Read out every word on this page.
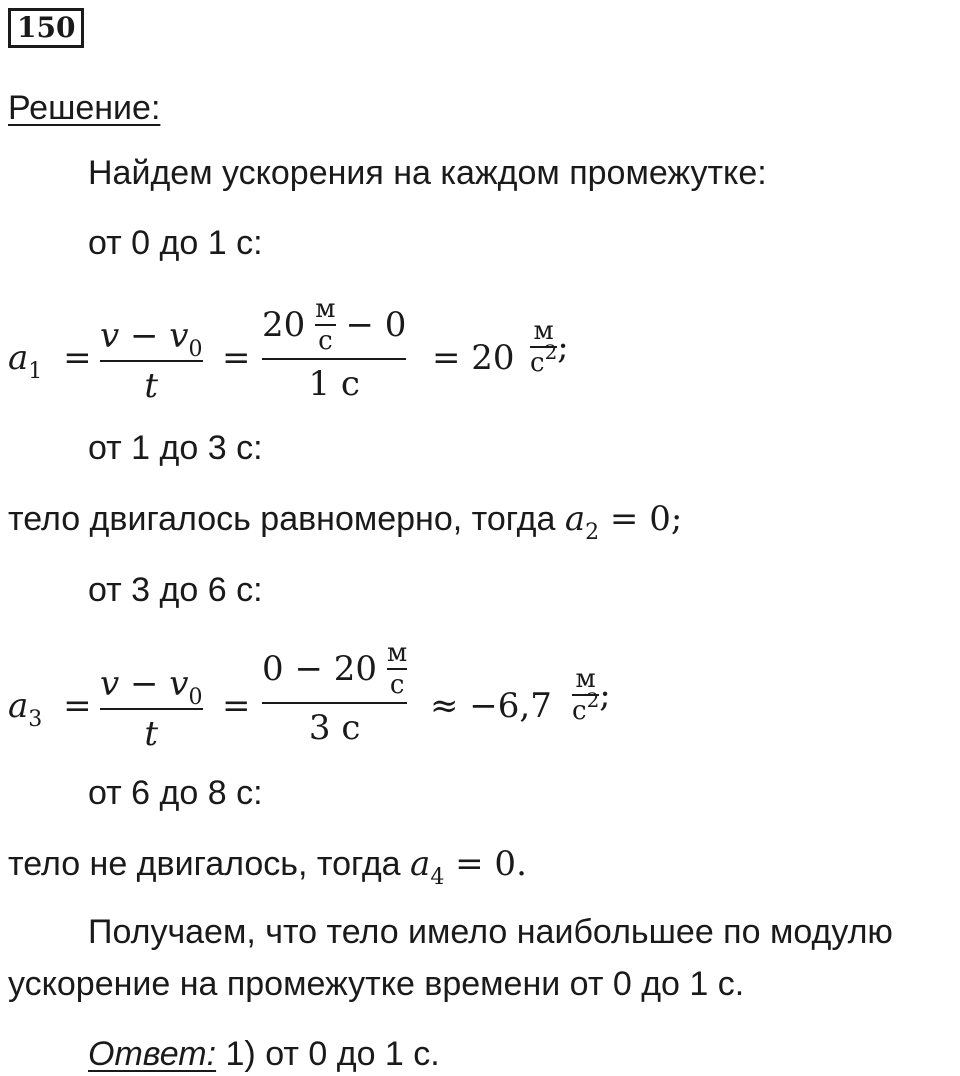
150
Решение:
Найдем ускорения на каждом промежутке:
от 0 до 1 с:
$a_1$ =
$v - v_0$
t
=
20 м
с − 0
1 с
= 20
м
$с^2$ ;
от 1 до 3 с:
тело двигалось равномерно, тогда $a_2 = 0$;
от 3 до 6 с:
$a_3$ =
$v - v_0$
t
=
0 − 20 м
с
3 с
≈ −6,7
м
$с^2$ ;
от 6 до 8 с:
тело не двигалось, тогда $a_4 = 0$.
Получаем, что тело имело наибольшее по модулю
ускорение на промежутке времени от 0 до 1 с.
Ответ: 1) от 0 до 1 с.
